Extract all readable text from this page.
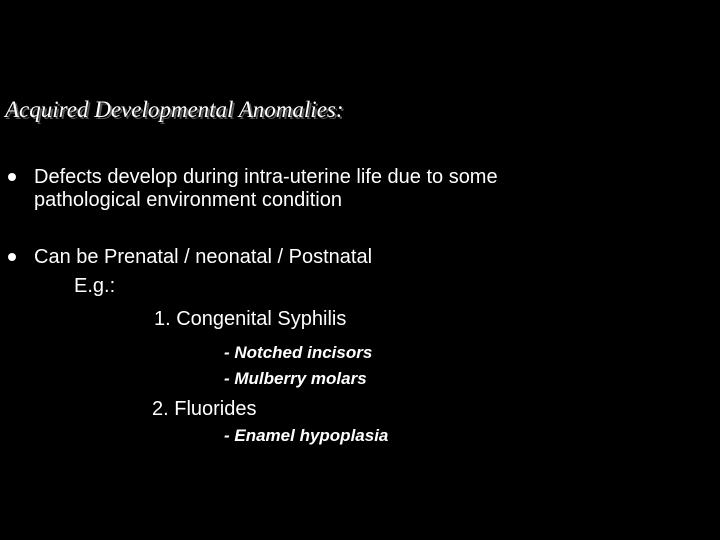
Acquired Developmental Anomalies:
Defects develop during intra-uterine life due to some
pathological environment condition
Can be Prenatal / neonatal / Postnatal
E.g.:
1. Congenital Syphilis
- Notched incisors
- Mulberry molars
2. Fluorides
- Enamel hypoplasia
